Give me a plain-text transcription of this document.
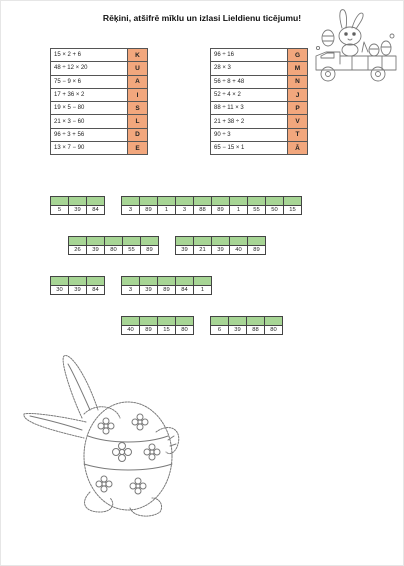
Rēķini, atšifrē mīklu un izlasi Lieldienu ticējumu!
15 × 2 + 6	K
48 ÷ 12 × 20	U
75 − 9 × 6	A
17 + 36 × 2	I
19 × 5 − 80	S
21 × 3 − 60	L
96 ÷ 3 + 56	D
13 × 7 − 90	E
96 ÷ 16	G
28 × 3	M
56 ÷ 8 + 48	N
52 ÷ 4 × 2	J
88 ÷ 11 × 3	P
21 + 38 ÷ 2	V
90 ÷ 3	T
65 − 15 × 1	Ā

5	39	84
										3	89	1	3	88	89	1	55	50	15

26	39	80	55	89
					39	21	39	40	89

30	39	84
					3	39	89	84	1

40	89	15	80
				6	39	88	80
